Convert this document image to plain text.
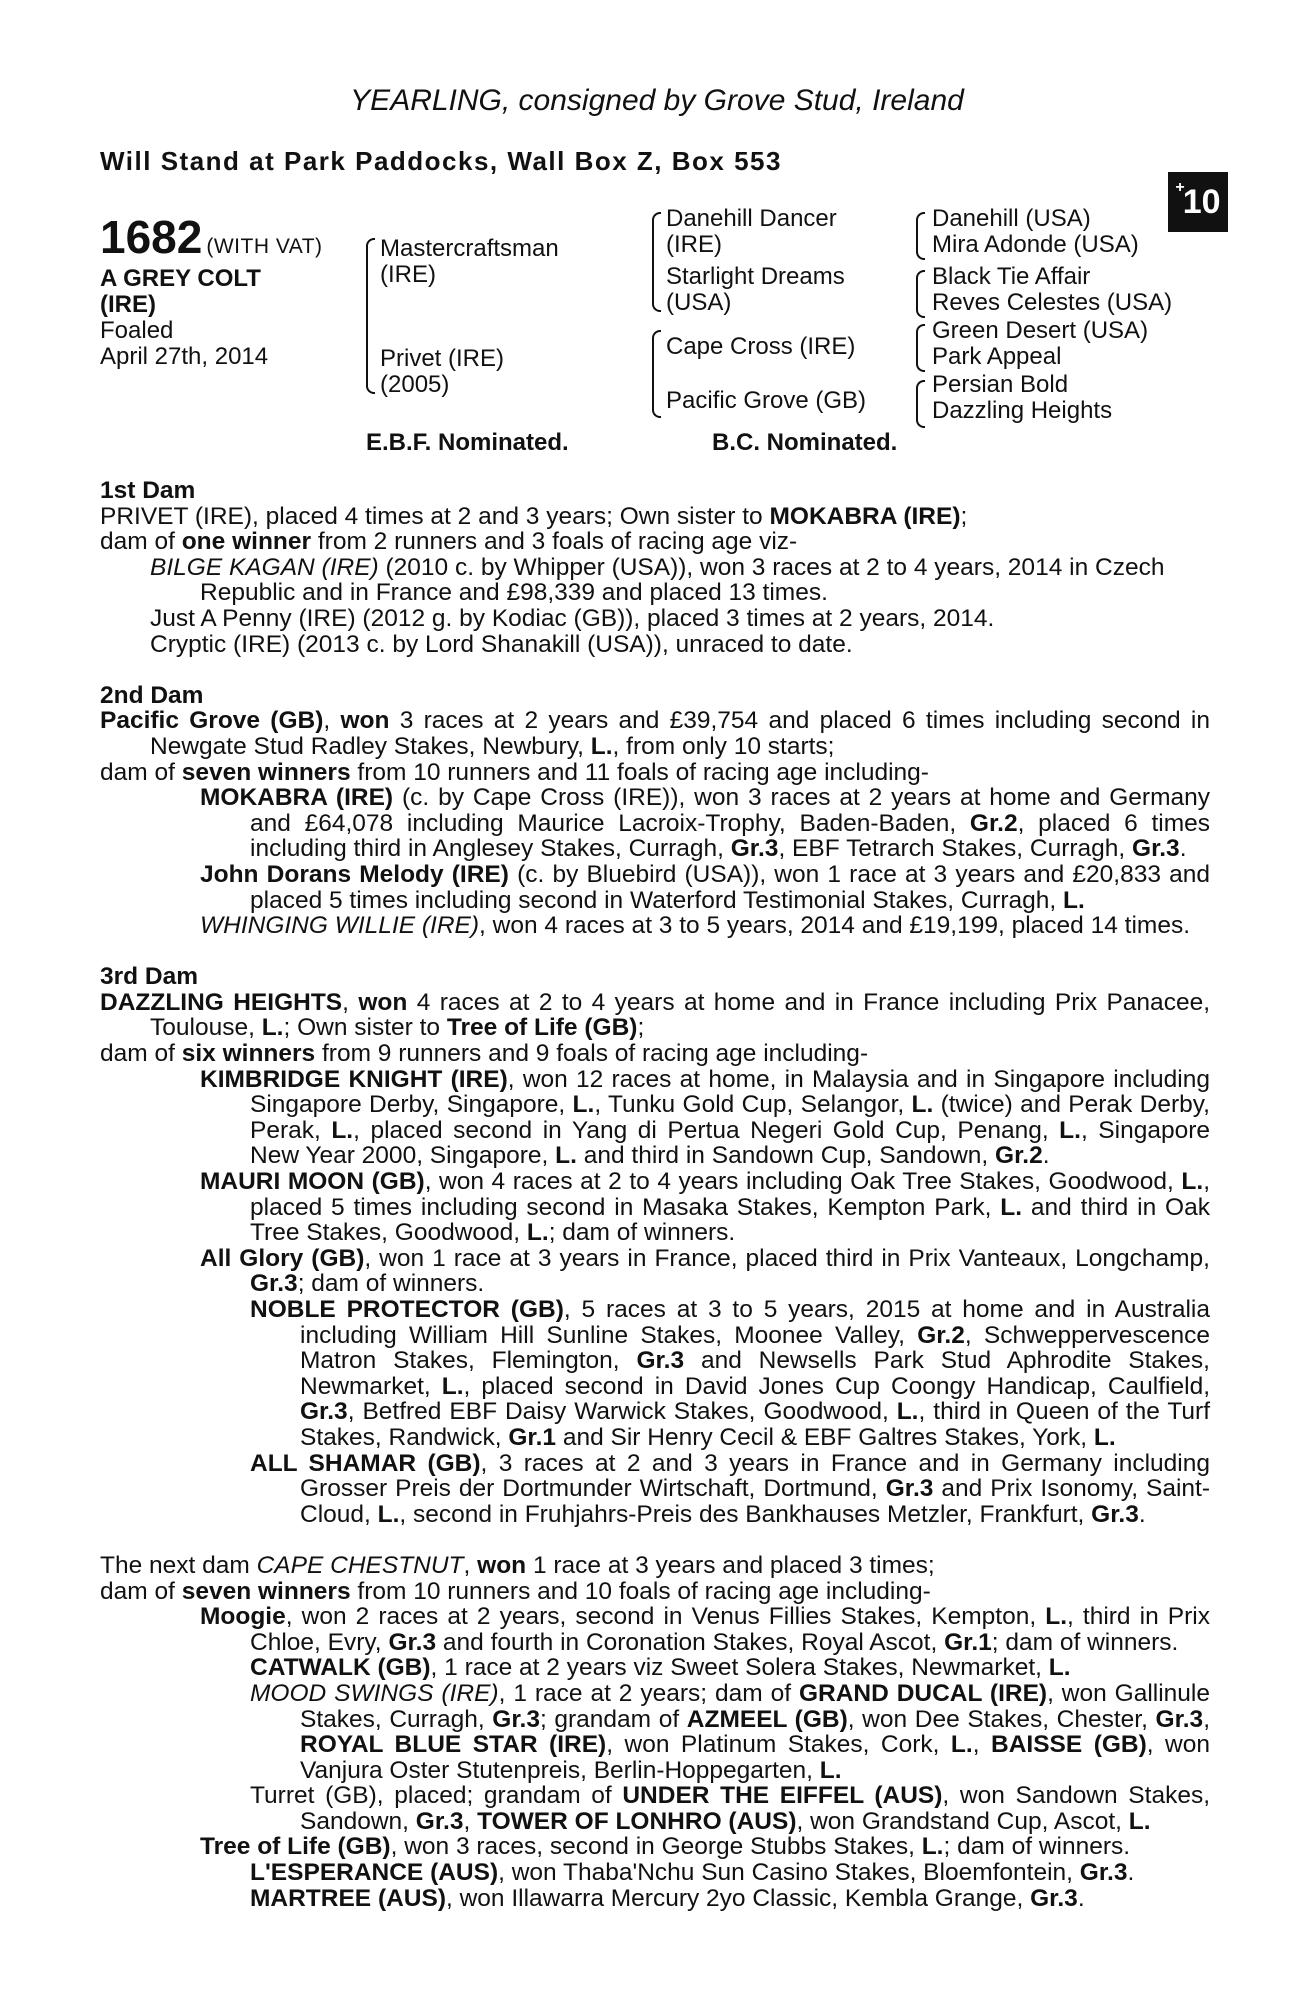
YEARLING, consigned by Grove Stud, Ireland
Will Stand at Park Paddocks, Wall Box Z, Box 553
+
10
1682 (WITH VAT)
A GREY COLT
(IRE)
Foaled
April 27th, 2014
Mastercraftsman
(IRE)
Privet (IRE)
(2005)
E.B.F. Nominated.
Danehill Dancer
(IRE)
Starlight Dreams
(USA)
Cape Cross (IRE)
Pacific Grove (GB)
B.C. Nominated.
Danehill (USA)
Mira Adonde (USA)
Black Tie Affair
Reves Celestes (USA)
Green Desert (USA)
Park Appeal
Persian Bold
Dazzling Heights

1st Dam

PRIVET (IRE), placed 4 times at 2 and 3 years; Own sister to MOKABRA (IRE);

dam of one winner from 2 runners and 3 foals of racing age viz-

BILGE KAGAN (IRE) (2010 c. by Whipper (USA)), won 3 races at 2 to 4 years, 2014 in Czech Republic and in France and £98,339 and placed 13 times.

Just A Penny (IRE) (2012 g. by Kodiac (GB)), placed 3 times at 2 years, 2014.

Cryptic (IRE) (2013 c. by Lord Shanakill (USA)), unraced to date.

2nd Dam

Pacific Grove (GB), won 3 races at 2 years and £39,754 and placed 6 times including second in Newgate Stud Radley Stakes, Newbury, L., from only 10 starts;

dam of seven winners from 10 runners and 11 foals of racing age including-

MOKABRA (IRE) (c. by Cape Cross (IRE)), won 3 races at 2 years at home and Germany and £64,078 including Maurice Lacroix-Trophy, Baden-Baden, Gr.2, placed 6 times including third in Anglesey Stakes, Curragh, Gr.3, EBF Tetrarch Stakes, Curragh, Gr.3.

John Dorans Melody (IRE) (c. by Bluebird (USA)), won 1 race at 3 years and £20,833 and placed 5 times including second in Waterford Testimonial Stakes, Curragh, L.

WHINGING WILLIE (IRE), won 4 races at 3 to 5 years, 2014 and £19,199, placed 14 times.

3rd Dam

DAZZLING HEIGHTS, won 4 races at 2 to 4 years at home and in France including Prix Panacee, Toulouse, L.; Own sister to Tree of Life (GB);

dam of six winners from 9 runners and 9 foals of racing age including-

KIMBRIDGE KNIGHT (IRE), won 12 races at home, in Malaysia and in Singapore including Singapore Derby, Singapore, L., Tunku Gold Cup, Selangor, L. (twice) and Perak Derby, Perak, L., placed second in Yang di Pertua Negeri Gold Cup, Penang, L., Singapore New Year 2000, Singapore, L. and third in Sandown Cup, Sandown, Gr.2.

MAURI MOON (GB), won 4 races at 2 to 4 years including Oak Tree Stakes, Goodwood, L., placed 5 times including second in Masaka Stakes, Kempton Park, L. and third in Oak Tree Stakes, Goodwood, L.; dam of winners.

All Glory (GB), won 1 race at 3 years in France, placed third in Prix Vanteaux, Longchamp, Gr.3; dam of winners.

NOBLE PROTECTOR (GB), 5 races at 3 to 5 years, 2015 at home and in Australia including William Hill Sunline Stakes, Moonee Valley, Gr.2, Schweppervescence Matron Stakes, Flemington, Gr.3 and Newsells Park Stud Aphrodite Stakes, Newmarket, L., placed second in David Jones Cup Coongy Handicap, Caulfield, Gr.3, Betfred EBF Daisy Warwick Stakes, Goodwood, L., third in Queen of the Turf Stakes, Randwick, Gr.1 and Sir Henry Cecil & EBF Galtres Stakes, York, L.

ALL SHAMAR (GB), 3 races at 2 and 3 years in France and in Germany including Grosser Preis der Dortmunder Wirtschaft, Dortmund, Gr.3 and Prix Isonomy, Saint-Cloud, L., second in Fruhjahrs-Preis des Bankhauses Metzler, Frankfurt, Gr.3.

The next dam CAPE CHESTNUT, won 1 race at 3 years and placed 3 times;

dam of seven winners from 10 runners and 10 foals of racing age including-

Moogie, won 2 races at 2 years, second in Venus Fillies Stakes, Kempton, L., third in Prix Chloe, Evry, Gr.3 and fourth in Coronation Stakes, Royal Ascot, Gr.1; dam of winners.

CATWALK (GB), 1 race at 2 years viz Sweet Solera Stakes, Newmarket, L.

MOOD SWINGS (IRE), 1 race at 2 years; dam of GRAND DUCAL (IRE), won Gallinule Stakes, Curragh, Gr.3; grandam of AZMEEL (GB), won Dee Stakes, Chester, Gr.3, ROYAL BLUE STAR (IRE), won Platinum Stakes, Cork, L., BAISSE (GB), won Vanjura Oster Stutenpreis, Berlin-Hoppegarten, L.

Turret (GB), placed; grandam of UNDER THE EIFFEL (AUS), won Sandown Stakes, Sandown, Gr.3, TOWER OF LONHRO (AUS), won Grandstand Cup, Ascot, L.

Tree of Life (GB), won 3 races, second in George Stubbs Stakes, L.; dam of winners.

L'ESPERANCE (AUS), won Thaba'Nchu Sun Casino Stakes, Bloemfontein, Gr.3.

MARTREE (AUS), won Illawarra Mercury 2yo Classic, Kembla Grange, Gr.3.
